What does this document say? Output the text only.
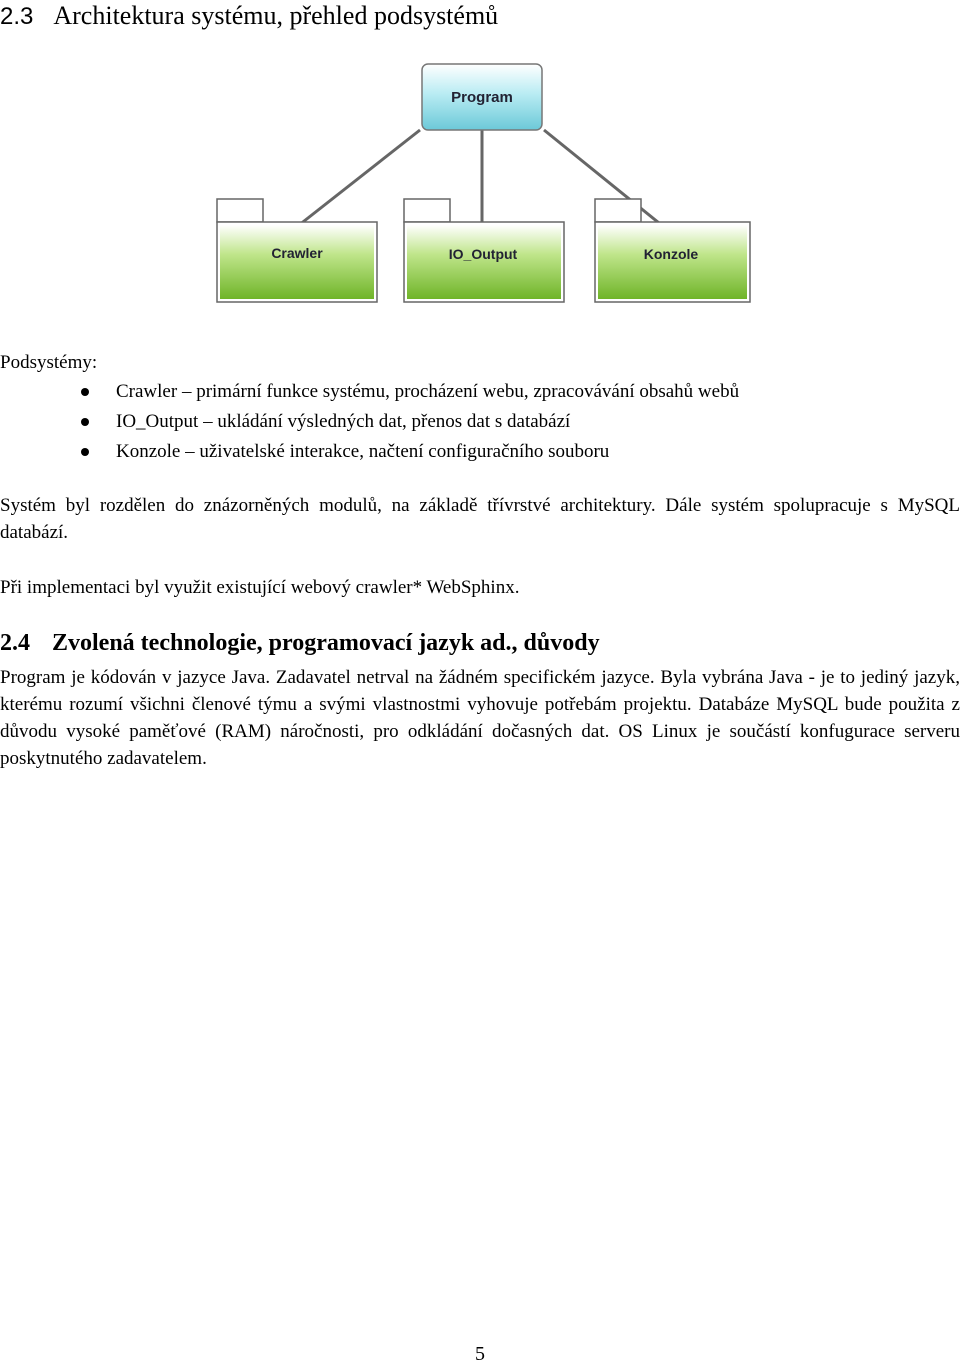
2.3 Architektura systému, přehled podsystémů
Program
Crawler	IO_Output	Konzole
Podsystémy:
Crawler – primární funkce systému, procházení webu, zpracovávání obsahů webů
IO_Output – ukládání výsledných dat, přenos dat s databází
Konzole – uživatelské interakce, načtení configuračního souboru
Systém byl rozdělen do znázorněných modulů, na základě třívrstvé architektury. Dále systém spolupracuje s MySQL databází.
Při implementaci byl využit existující webový crawler* WebSphinx.
2.4 Zvolená technologie, programovací jazyk ad., důvody
Program je kódován v jazyce Java. Zadavatel netrval na žádném specifickém jazyce. Byla vybrána Java - je to jediný jazyk, kterému rozumí všichni členové týmu a svými vlastnostmi vyhovuje potřebám projektu. Databáze MySQL bude použita z důvodu vysoké paměťové (RAM) náročnosti, pro odkládání dočasných dat. OS Linux je součástí konfugurace serveru poskytnutého zadavatelem.
5
